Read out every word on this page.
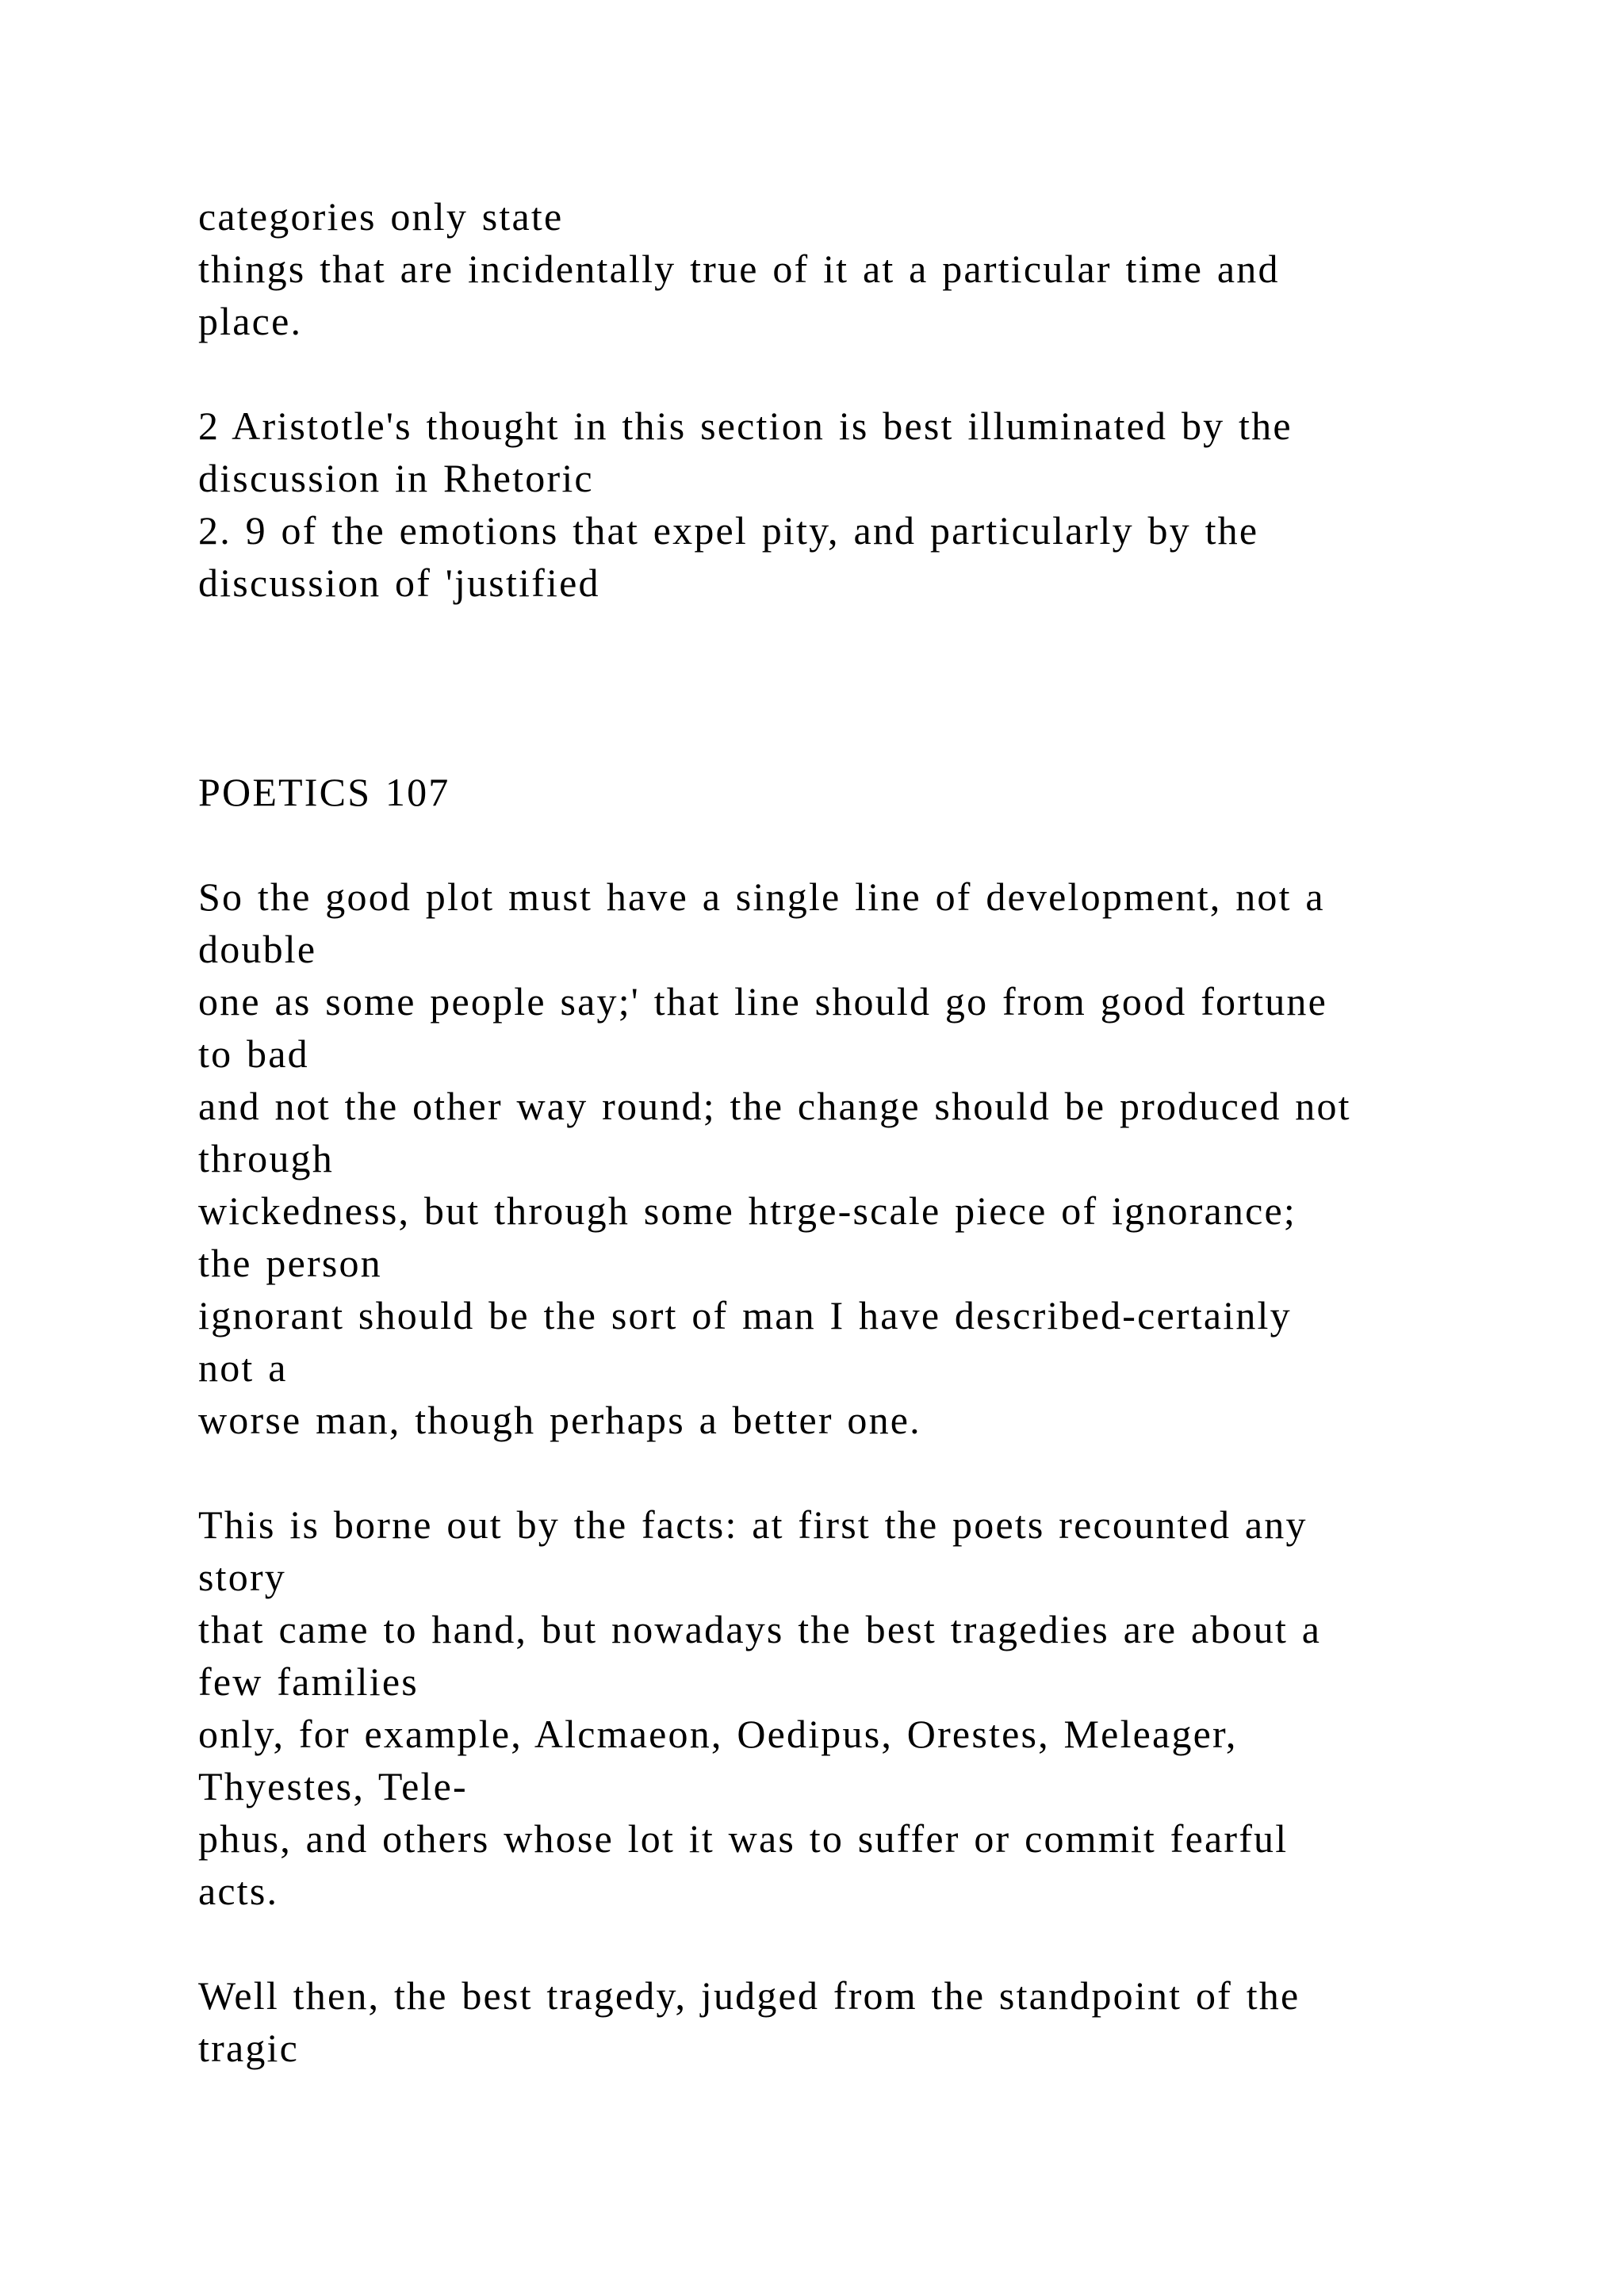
categories only state
things that are incidentally true of it at a particular time and
place.
2 Aristotle's thought in this section is best illuminated by the
discussion in Rhetoric
2. 9 of the emotions that expel pity, and particularly by the
discussion of 'justified
POETICS 107
So the good plot must have a single line of development, not a
double
one as some people say;' that line should go from good fortune
to bad
and not the other way round; the change should be produced not
through
wickedness, but through some htrge-scale piece of ignorance;
the person
ignorant should be the sort of man I have described-certainly
not a
worse man, though perhaps a better one.
This is borne out by the facts: at first the poets recounted any
story
that came to hand, but nowadays the best tragedies are about a
few families
only, for example, Alcmaeon, Oedipus, Orestes, Meleager,
Thyestes, Tele-
phus, and others whose lot it was to suffer or commit fearful
acts.
Well then, the best tragedy, judged from the standpoint of the
tragic
